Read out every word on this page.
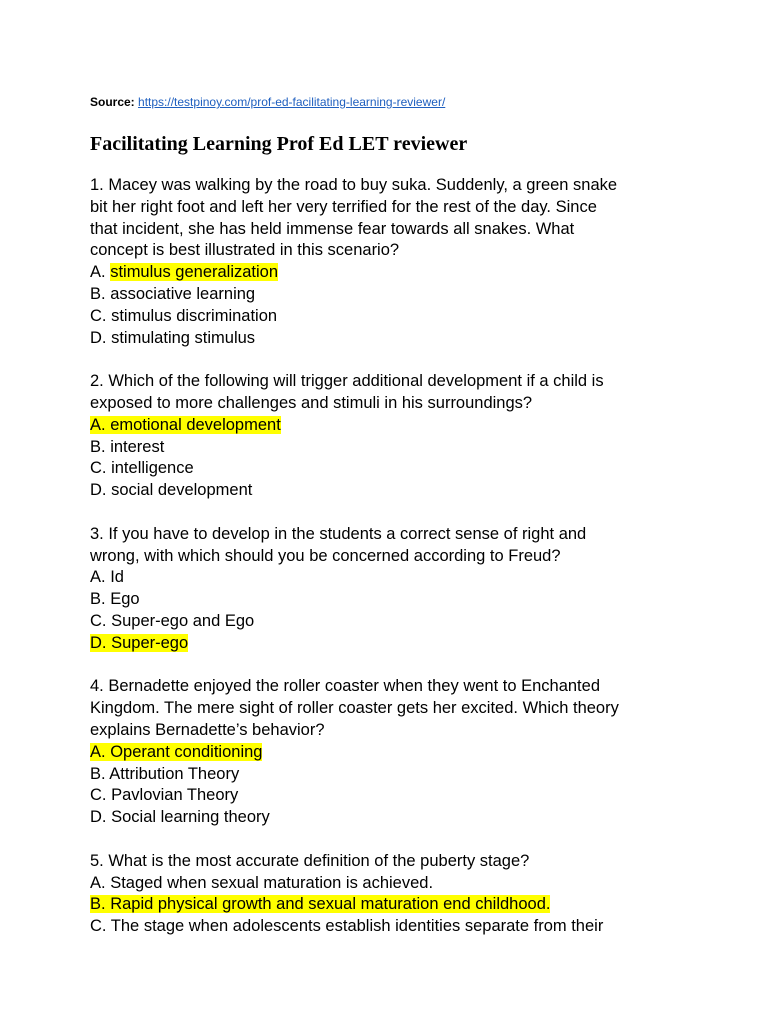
Source: https://testpinoy.com/prof-ed-facilitating-learning-reviewer/
Facilitating Learning Prof Ed LET reviewer
1. Macey was walking by the road to buy suka. Suddenly, a green snake
bit her right foot and left her very terrified for the rest of the day. Since
that incident, she has held immense fear towards all snakes. What
concept is best illustrated in this scenario?
A. stimulus generalization
B. associative learning
C. stimulus discrimination
D. stimulating stimulus
2. Which of the following will trigger additional development if a child is
exposed to more challenges and stimuli in his surroundings?
A. emotional development
B. interest
C. intelligence
D. social development
3. If you have to develop in the students a correct sense of right and
wrong, with which should you be concerned according to Freud?
A. Id
B. Ego
C. Super-ego and Ego
D. Super-ego
4. Bernadette enjoyed the roller coaster when they went to Enchanted
Kingdom. The mere sight of roller coaster gets her excited. Which theory
explains Bernadette’s behavior?
A. Operant conditioning
B. Attribution Theory
C. Pavlovian Theory
D. Social learning theory
5. What is the most accurate definition of the puberty stage?
A. Staged when sexual maturation is achieved.
B. Rapid physical growth and sexual maturation end childhood.
C. The stage when adolescents establish identities separate from their
